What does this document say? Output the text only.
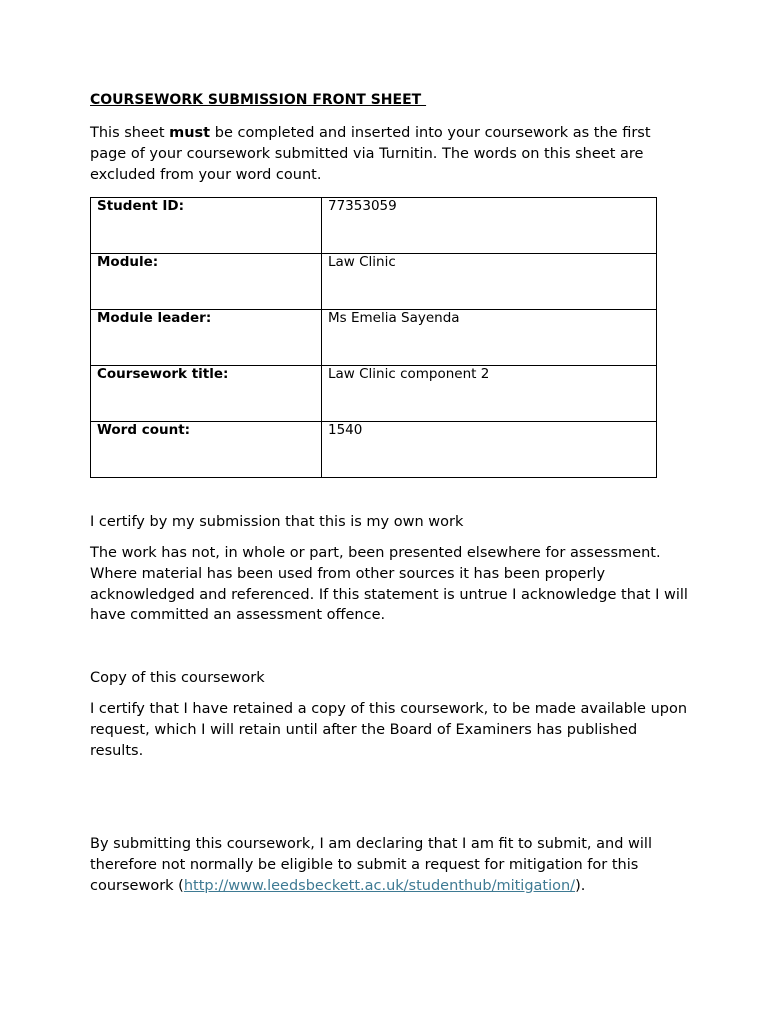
COURSEWORK SUBMISSION FRONT SHEET

This sheet must be completed and inserted into your coursework as the first page of your coursework submitted via Turnitin. The words on this sheet are excluded from your word count.

Student ID:	77353059

Module:	Law Clinic

Module leader:	Ms Emelia Sayenda

Coursework title:	Law Clinic component 2

Word count:	1540

I certify by my submission that this is my own work

The work has not, in whole or part, been presented elsewhere for assessment. Where material has been used from other sources it has been properly acknowledged and referenced. If this statement is untrue I acknowledge that I will have committed an assessment offence.

Copy of this coursework

I certify that I have retained a copy of this coursework, to be made available upon request, which I will retain until after the Board of Examiners has published results.

By submitting this coursework, I am declaring that I am fit to submit, and will therefore not normally be eligible to submit a request for mitigation for this coursework (http://www.leedsbeckett.ac.uk/studenthub/mitigation/).
